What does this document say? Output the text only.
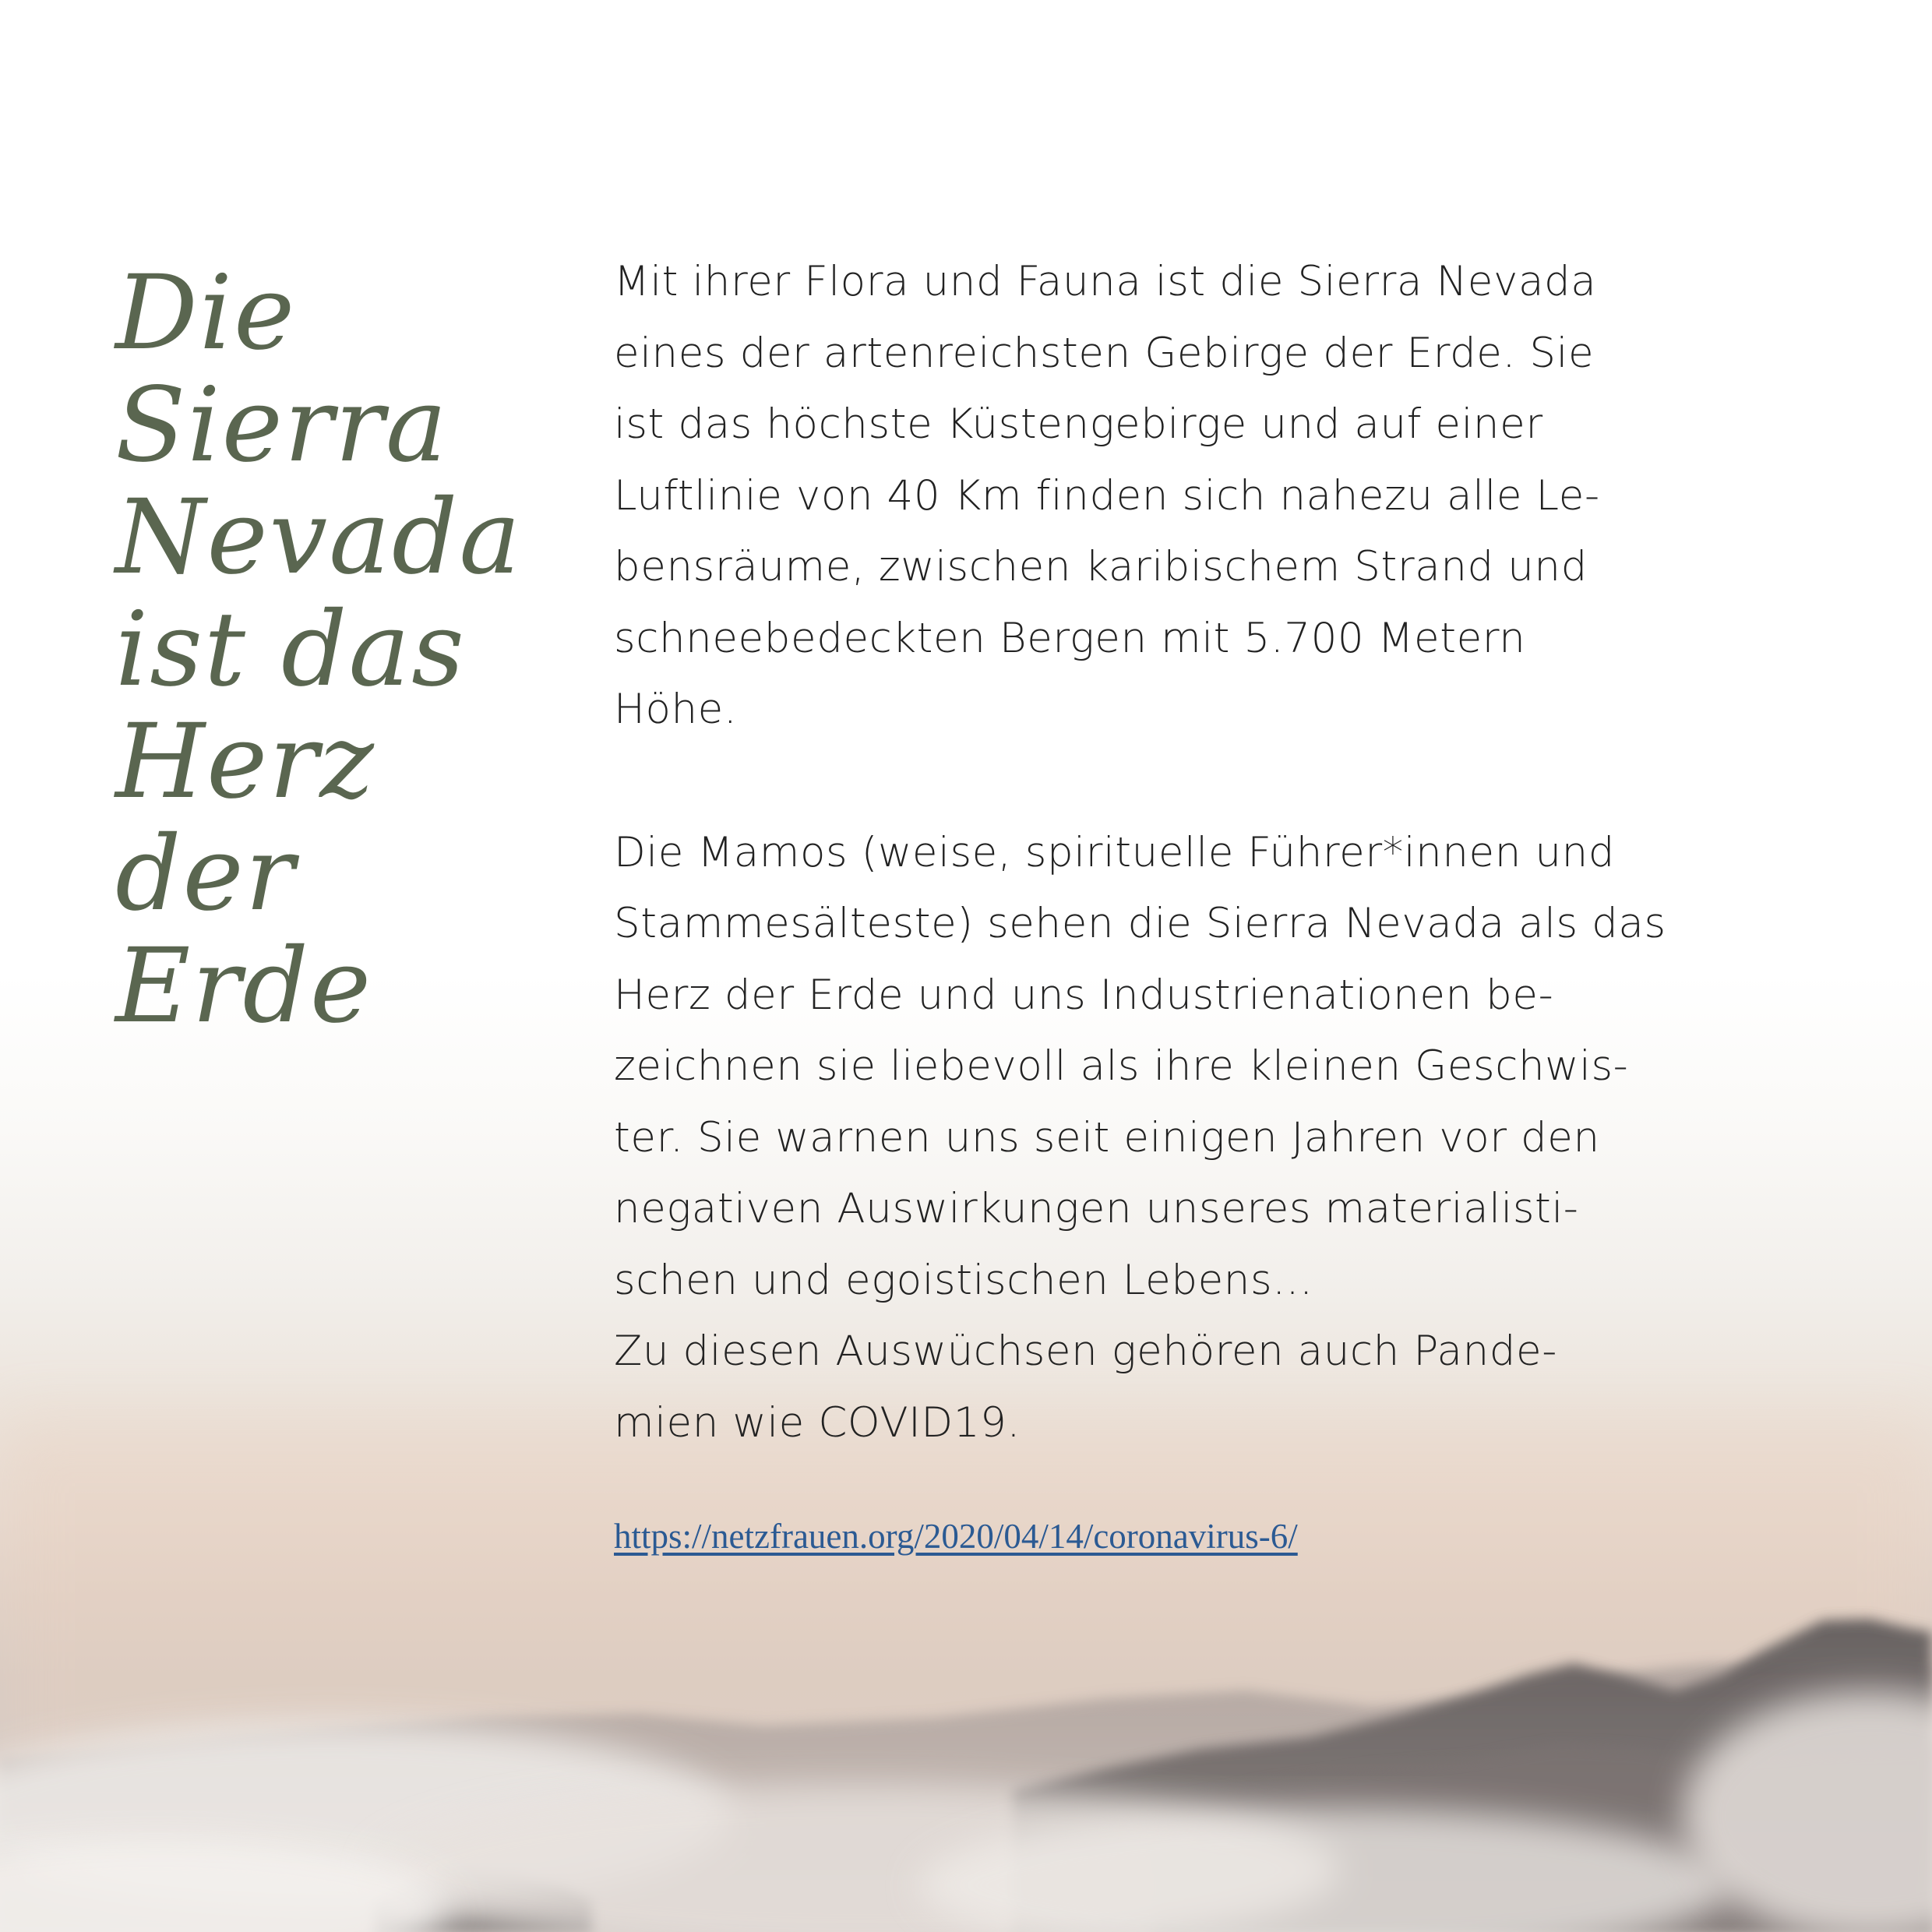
Die
Sierra
Nevada
ist das
Herz der
Erde

Mit ihrer Flora und Fauna ist die Sierra Nevada
eines der artenreichsten Gebirge der Erde. Sie
ist das höchste Küstengebirge und auf einer
Luftlinie von 40 Km finden sich nahezu alle Le-
bensräume, zwischen karibischem Strand und
schneebedeckten Bergen mit 5.700 Metern
Höhe.

Die Mamos (weise, spirituelle Führer*innen und
Stammesälteste) sehen die Sierra Nevada als das
Herz der Erde und uns Industrienationen be-
zeichnen sie liebevoll als ihre kleinen Geschwis-
ter. Sie warnen uns seit einigen Jahren vor den
negativen Auswirkungen unseres materialisti-
schen und egoistischen Lebens...
Zu diesen Auswüchsen gehören auch Pande-
mien wie COVID19.

https://netzfrauen.org/2020/04/14/coronavirus-6/
